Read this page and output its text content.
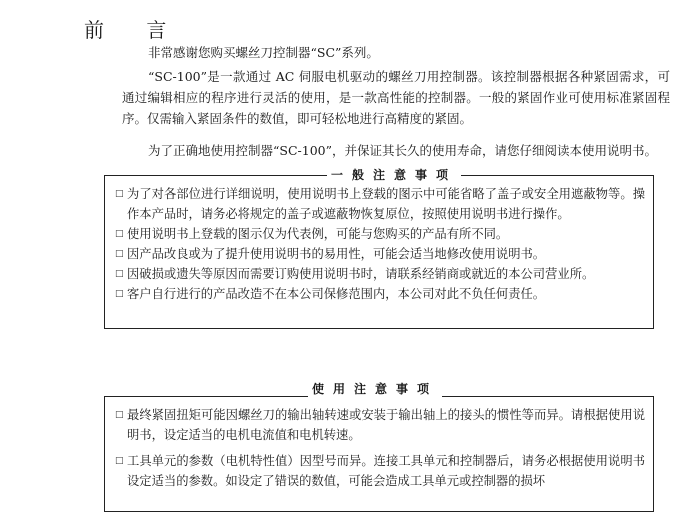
前 言
非常感谢您购买螺丝刀控制器“SC”系列。
“SC-100”是一款通过 AC 伺服电机驱动的螺丝刀用控制器。该控制器根据各种紧固需求，可通过编辑相应的程序进行灵活的使用，是一款高性能的控制器。一般的紧固作业可使用标准紧固程序。仅需输入紧固条件的数值，即可轻松地进行高精度的紧固。
为了正确地使用控制器“SC-100”，并保证其长久的使用寿命，请您仔细阅读本使用说明书。
□ 为了对各部位进行详细说明，使用说明书上登载的图示中可能省略了盖子或安全用遮蔽物等。操作本产品时，请务必将规定的盖子或遮蔽物恢复原位，按照使用说明书进行操作。
□ 使用说明书上登载的图示仅为代表例，可能与您购买的产品有所不同。
□ 因产品改良或为了提升使用说明书的易用性，可能会适当地修改使用说明书。
□ 因破损或遗失等原因而需要订购使用说明书时，请联系经销商或就近的本公司营业所。
□ 客户自行进行的产品改造不在本公司保修范围内，本公司对此不负任何责任。
一般注意事项
□ 最终紧固扭矩可能因螺丝刀的输出轴转速或安装于输出轴上的接头的惯性等而异。请根据使用说明书，设定适当的电机电流值和电机转速。
□ 工具单元的参数（电机特性值）因型号而异。连接工具单元和控制器后，请务必根据使用说明书设定适当的参数。如设定了错误的数值，可能会造成工具单元或控制器的损坏
使用注意事项
